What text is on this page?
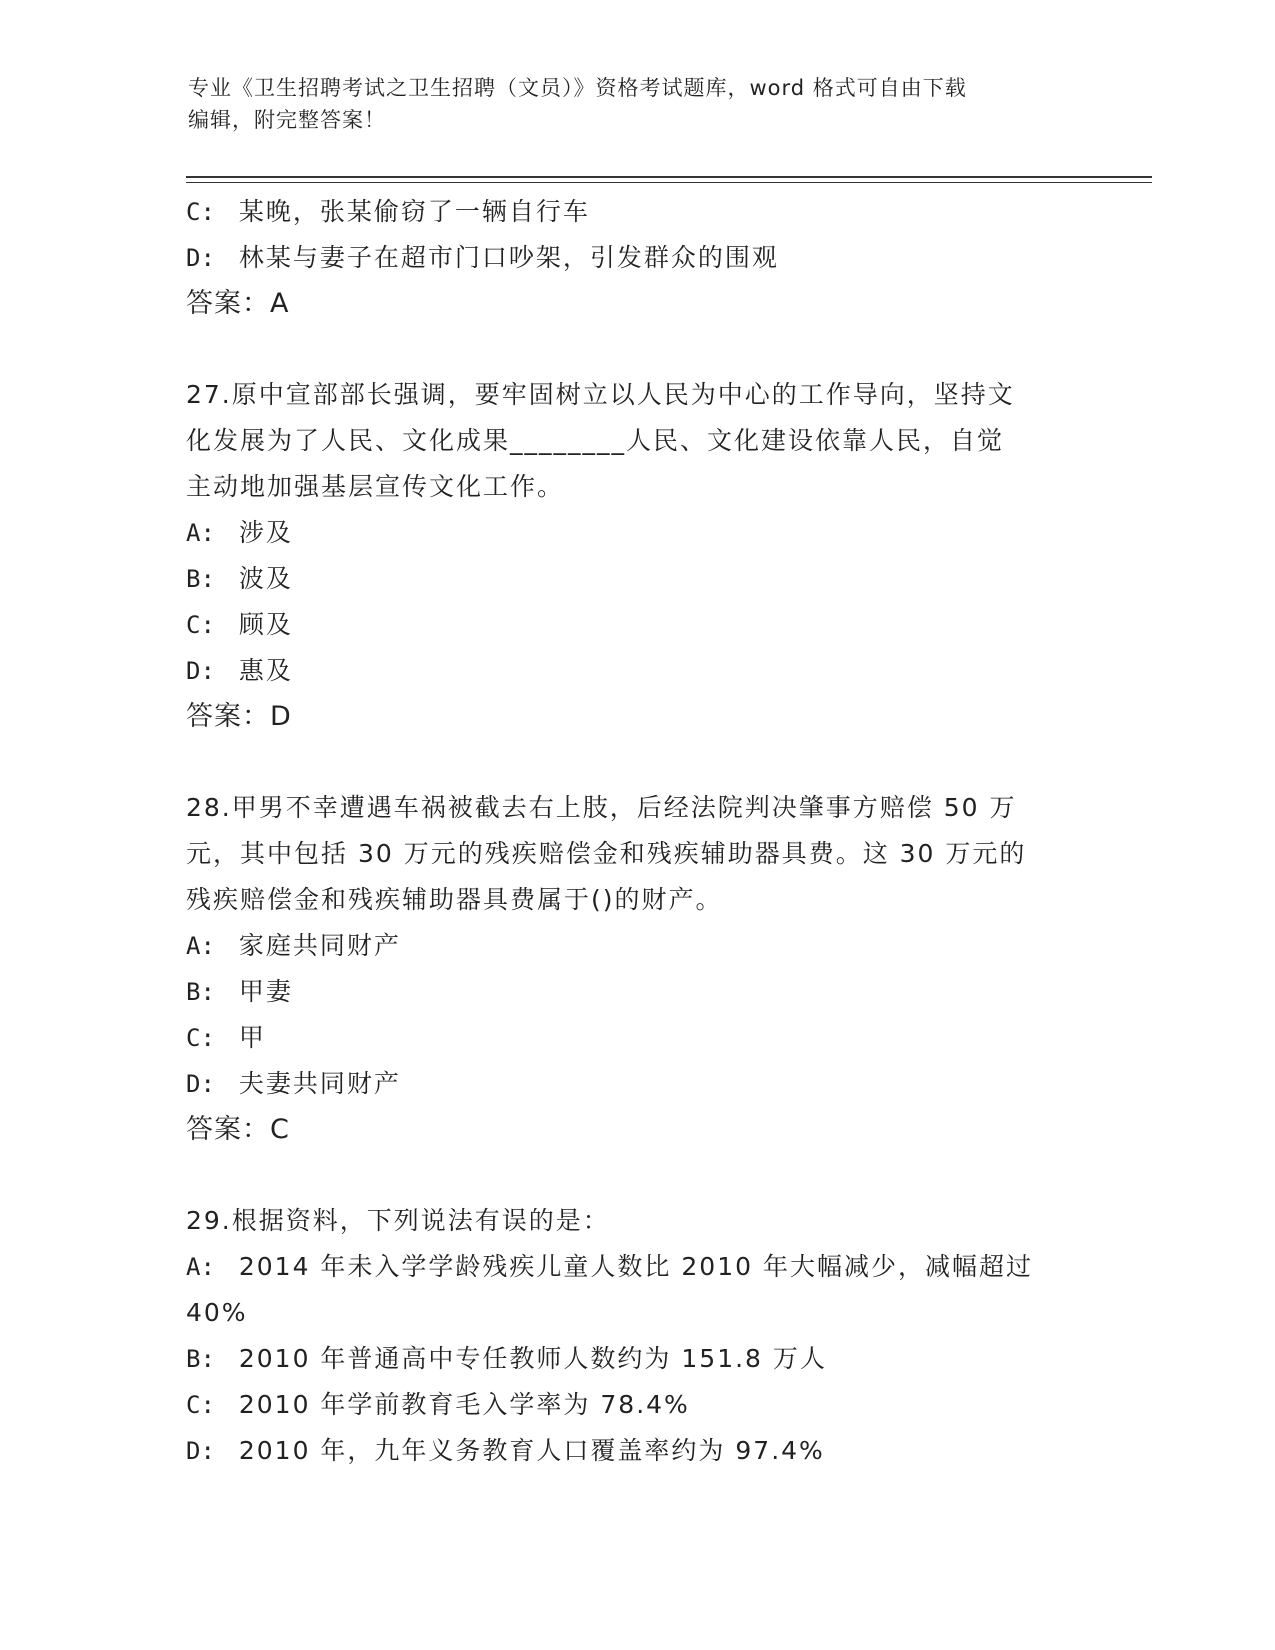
专业《卫生招聘考试之卫生招聘（文员）》资格考试题库，word 格式可自由下载
编辑，附完整答案！
C: 某晚，张某偷窃了一辆自行车
D: 林某与妻子在超市门口吵架，引发群众的围观
答案：A
27.原中宣部部长强调，要牢固树立以人民为中心的工作导向，坚持文
化发展为了人民、文化成果________人民、文化建设依靠人民，自觉
主动地加强基层宣传文化工作。
A: 涉及
B: 波及
C: 顾及
D: 惠及
答案：D
28.甲男不幸遭遇车祸被截去右上肢，后经法院判决肇事方赔偿 50 万
元，其中包括 30 万元的残疾赔偿金和残疾辅助器具费。这 30 万元的
残疾赔偿金和残疾辅助器具费属于()的财产。
A: 家庭共同财产
B: 甲妻
C: 甲
D: 夫妻共同财产
答案：C
29.根据资料，下列说法有误的是：
A: 2014 年未入学学龄残疾儿童人数比 2010 年大幅减少，减幅超过
40%
B: 2010 年普通高中专任教师人数约为 151.8 万人
C: 2010 年学前教育毛入学率为 78.4%
D: 2010 年，九年义务教育人口覆盖率约为 97.4%
